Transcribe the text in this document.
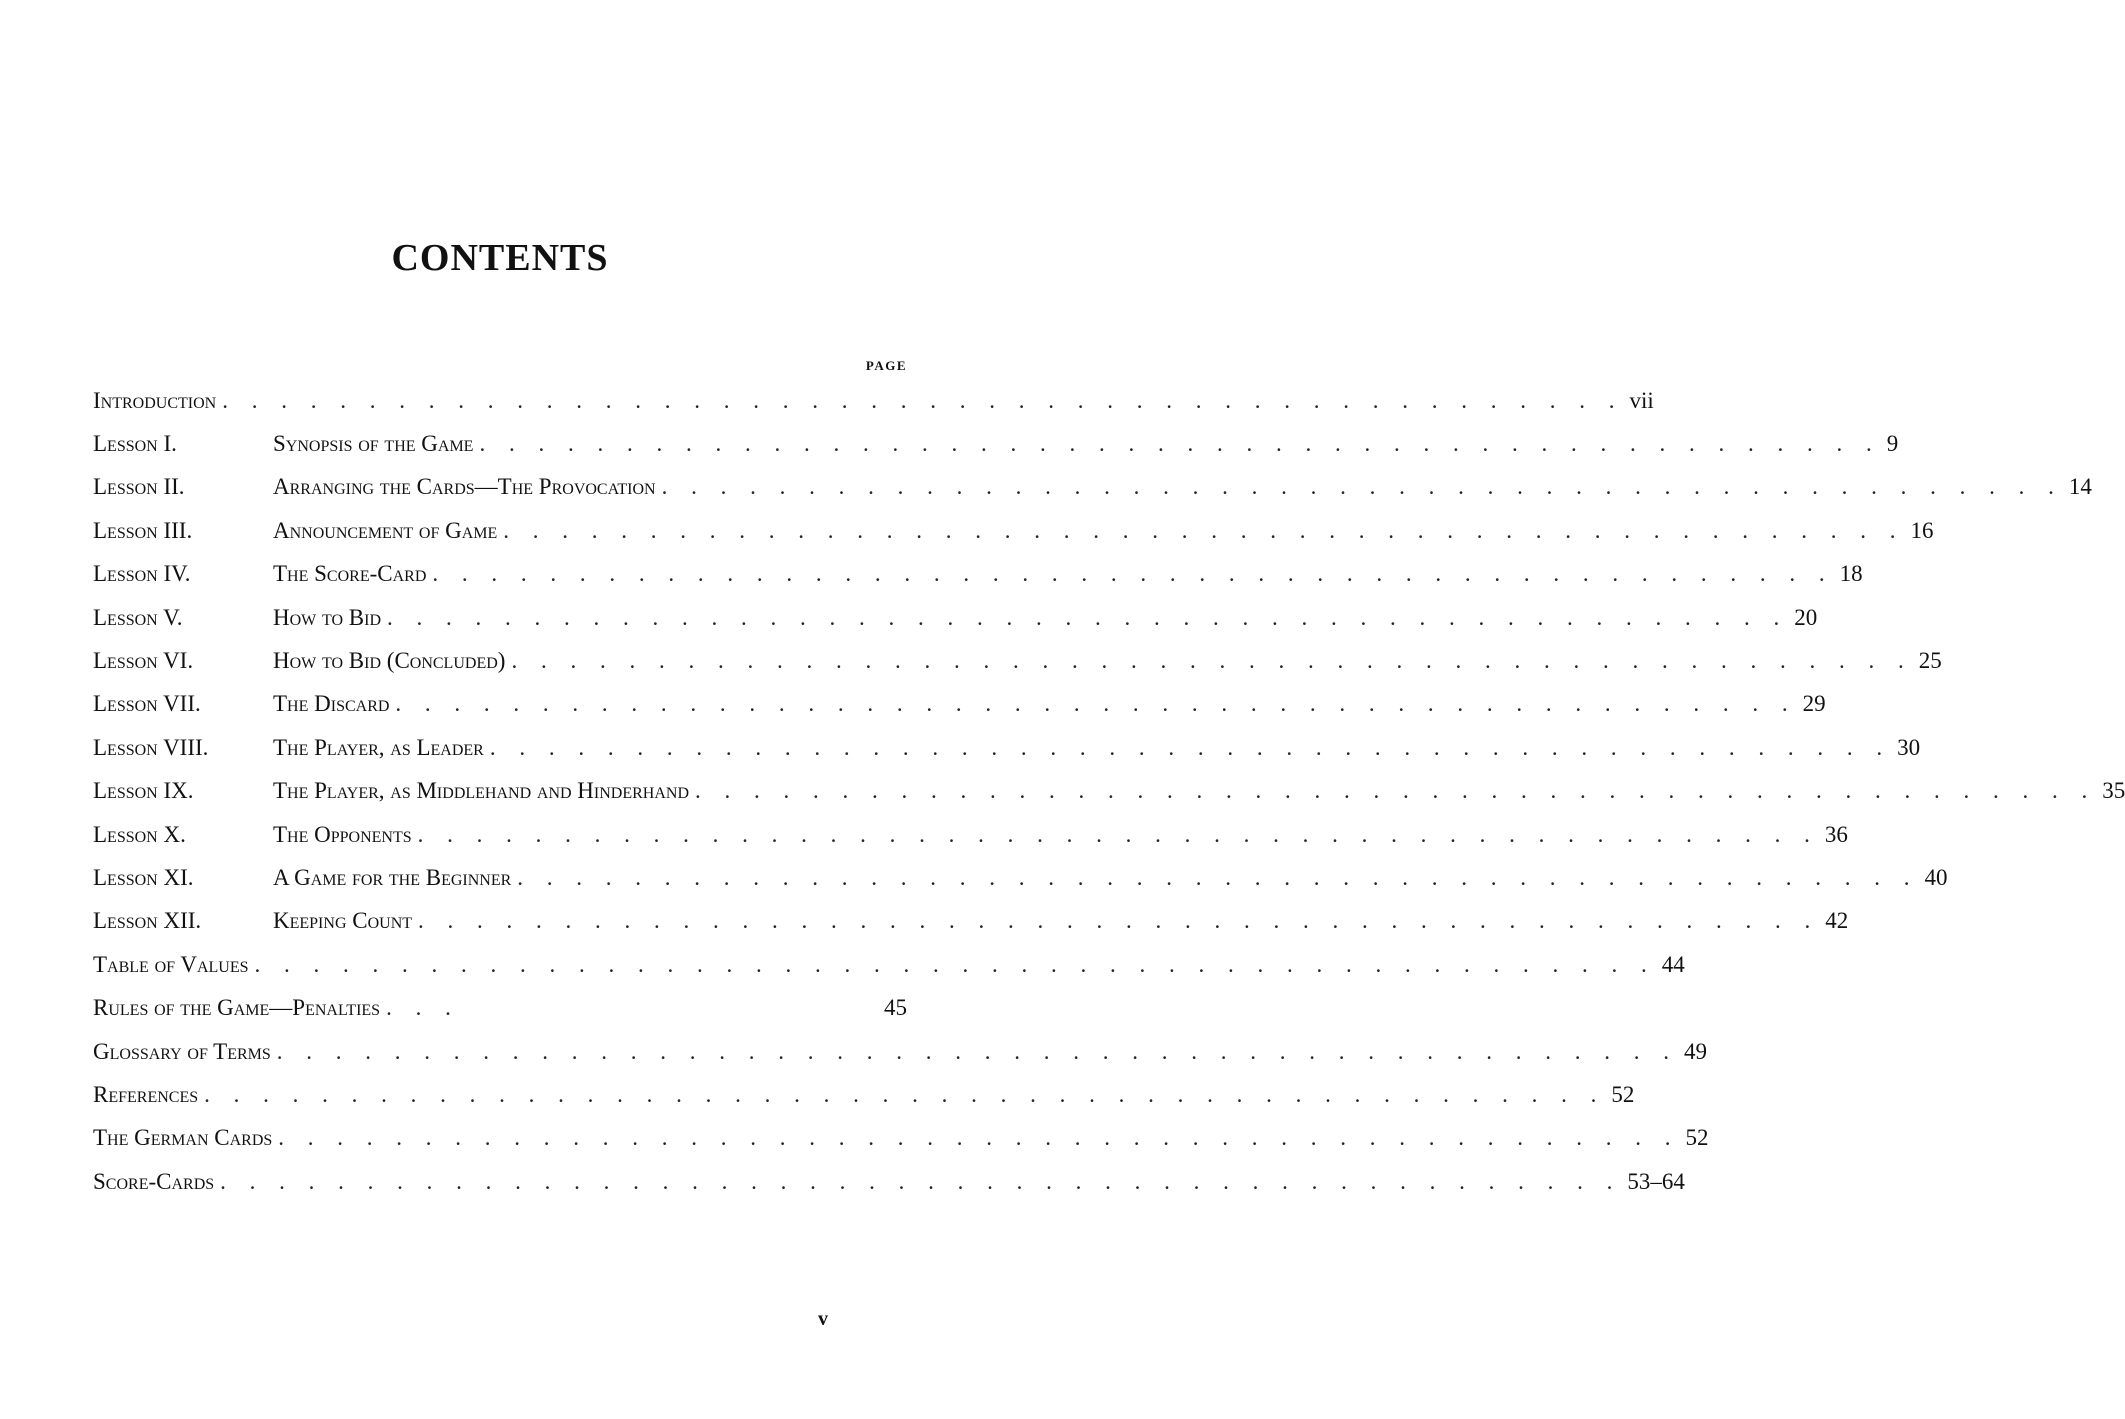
CONTENTS
PAGE
Introduction . . . . . . . . . . . . . . . . . . . . . . . . . . . . . . . . . . . . . . . . . . . . . . . . vii
Lesson I.	Synopsis of the Game . . . . . . . . . . . . . . . . . . . . . . . . . . . . . . . . . . . . . . . . . . . . . . . . 9
Lesson II.	Arranging the Cards—The Provocation . . . . . . . . . . . . . . . . . . . . . . . . . . . . . . . . . . . . . . . . . . . . . . . . 14
Lesson III.	Announcement of Game . . . . . . . . . . . . . . . . . . . . . . . . . . . . . . . . . . . . . . . . . . . . . . . . 16
Lesson IV.	The Score-Card . . . . . . . . . . . . . . . . . . . . . . . . . . . . . . . . . . . . . . . . . . . . . . . . 18
Lesson V.	How to Bid . . . . . . . . . . . . . . . . . . . . . . . . . . . . . . . . . . . . . . . . . . . . . . . . 20
Lesson VI.	How to Bid (Concluded) . . . . . . . . . . . . . . . . . . . . . . . . . . . . . . . . . . . . . . . . . . . . . . . . 25
Lesson VII.	The Discard . . . . . . . . . . . . . . . . . . . . . . . . . . . . . . . . . . . . . . . . . . . . . . . . 29
Lesson VIII.	The Player, as Leader . . . . . . . . . . . . . . . . . . . . . . . . . . . . . . . . . . . . . . . . . . . . . . . . 30
Lesson IX.	The Player, as Middlehand and Hinderhand . . . . . . . . . . . . . . . . . . . . . . . . . . . . . . . . . . . . . . . . . . . . . . . . 35
Lesson X.	The Opponents . . . . . . . . . . . . . . . . . . . . . . . . . . . . . . . . . . . . . . . . . . . . . . . . 36
Lesson XI.	A Game for the Beginner . . . . . . . . . . . . . . . . . . . . . . . . . . . . . . . . . . . . . . . . . . . . . . . . 40
Lesson XII.	Keeping Count . . . . . . . . . . . . . . . . . . . . . . . . . . . . . . . . . . . . . . . . . . . . . . . . 42
Table of Values . . . . . . . . . . . . . . . . . . . . . . . . . . . . . . . . . . . . . . . . . . . . . . . . 44
Rules of the Game—Penalties . . .	45
Glossary of Terms . . . . . . . . . . . . . . . . . . . . . . . . . . . . . . . . . . . . . . . . . . . . . . . . 49
References . . . . . . . . . . . . . . . . . . . . . . . . . . . . . . . . . . . . . . . . . . . . . . . . 52
The German Cards . . . . . . . . . . . . . . . . . . . . . . . . . . . . . . . . . . . . . . . . . . . . . . . . 52
Score-Cards . . . . . . . . . . . . . . . . . . . . . . . . . . . . . . . . . . . . . . . . . . . . . . . . 53–64
v
